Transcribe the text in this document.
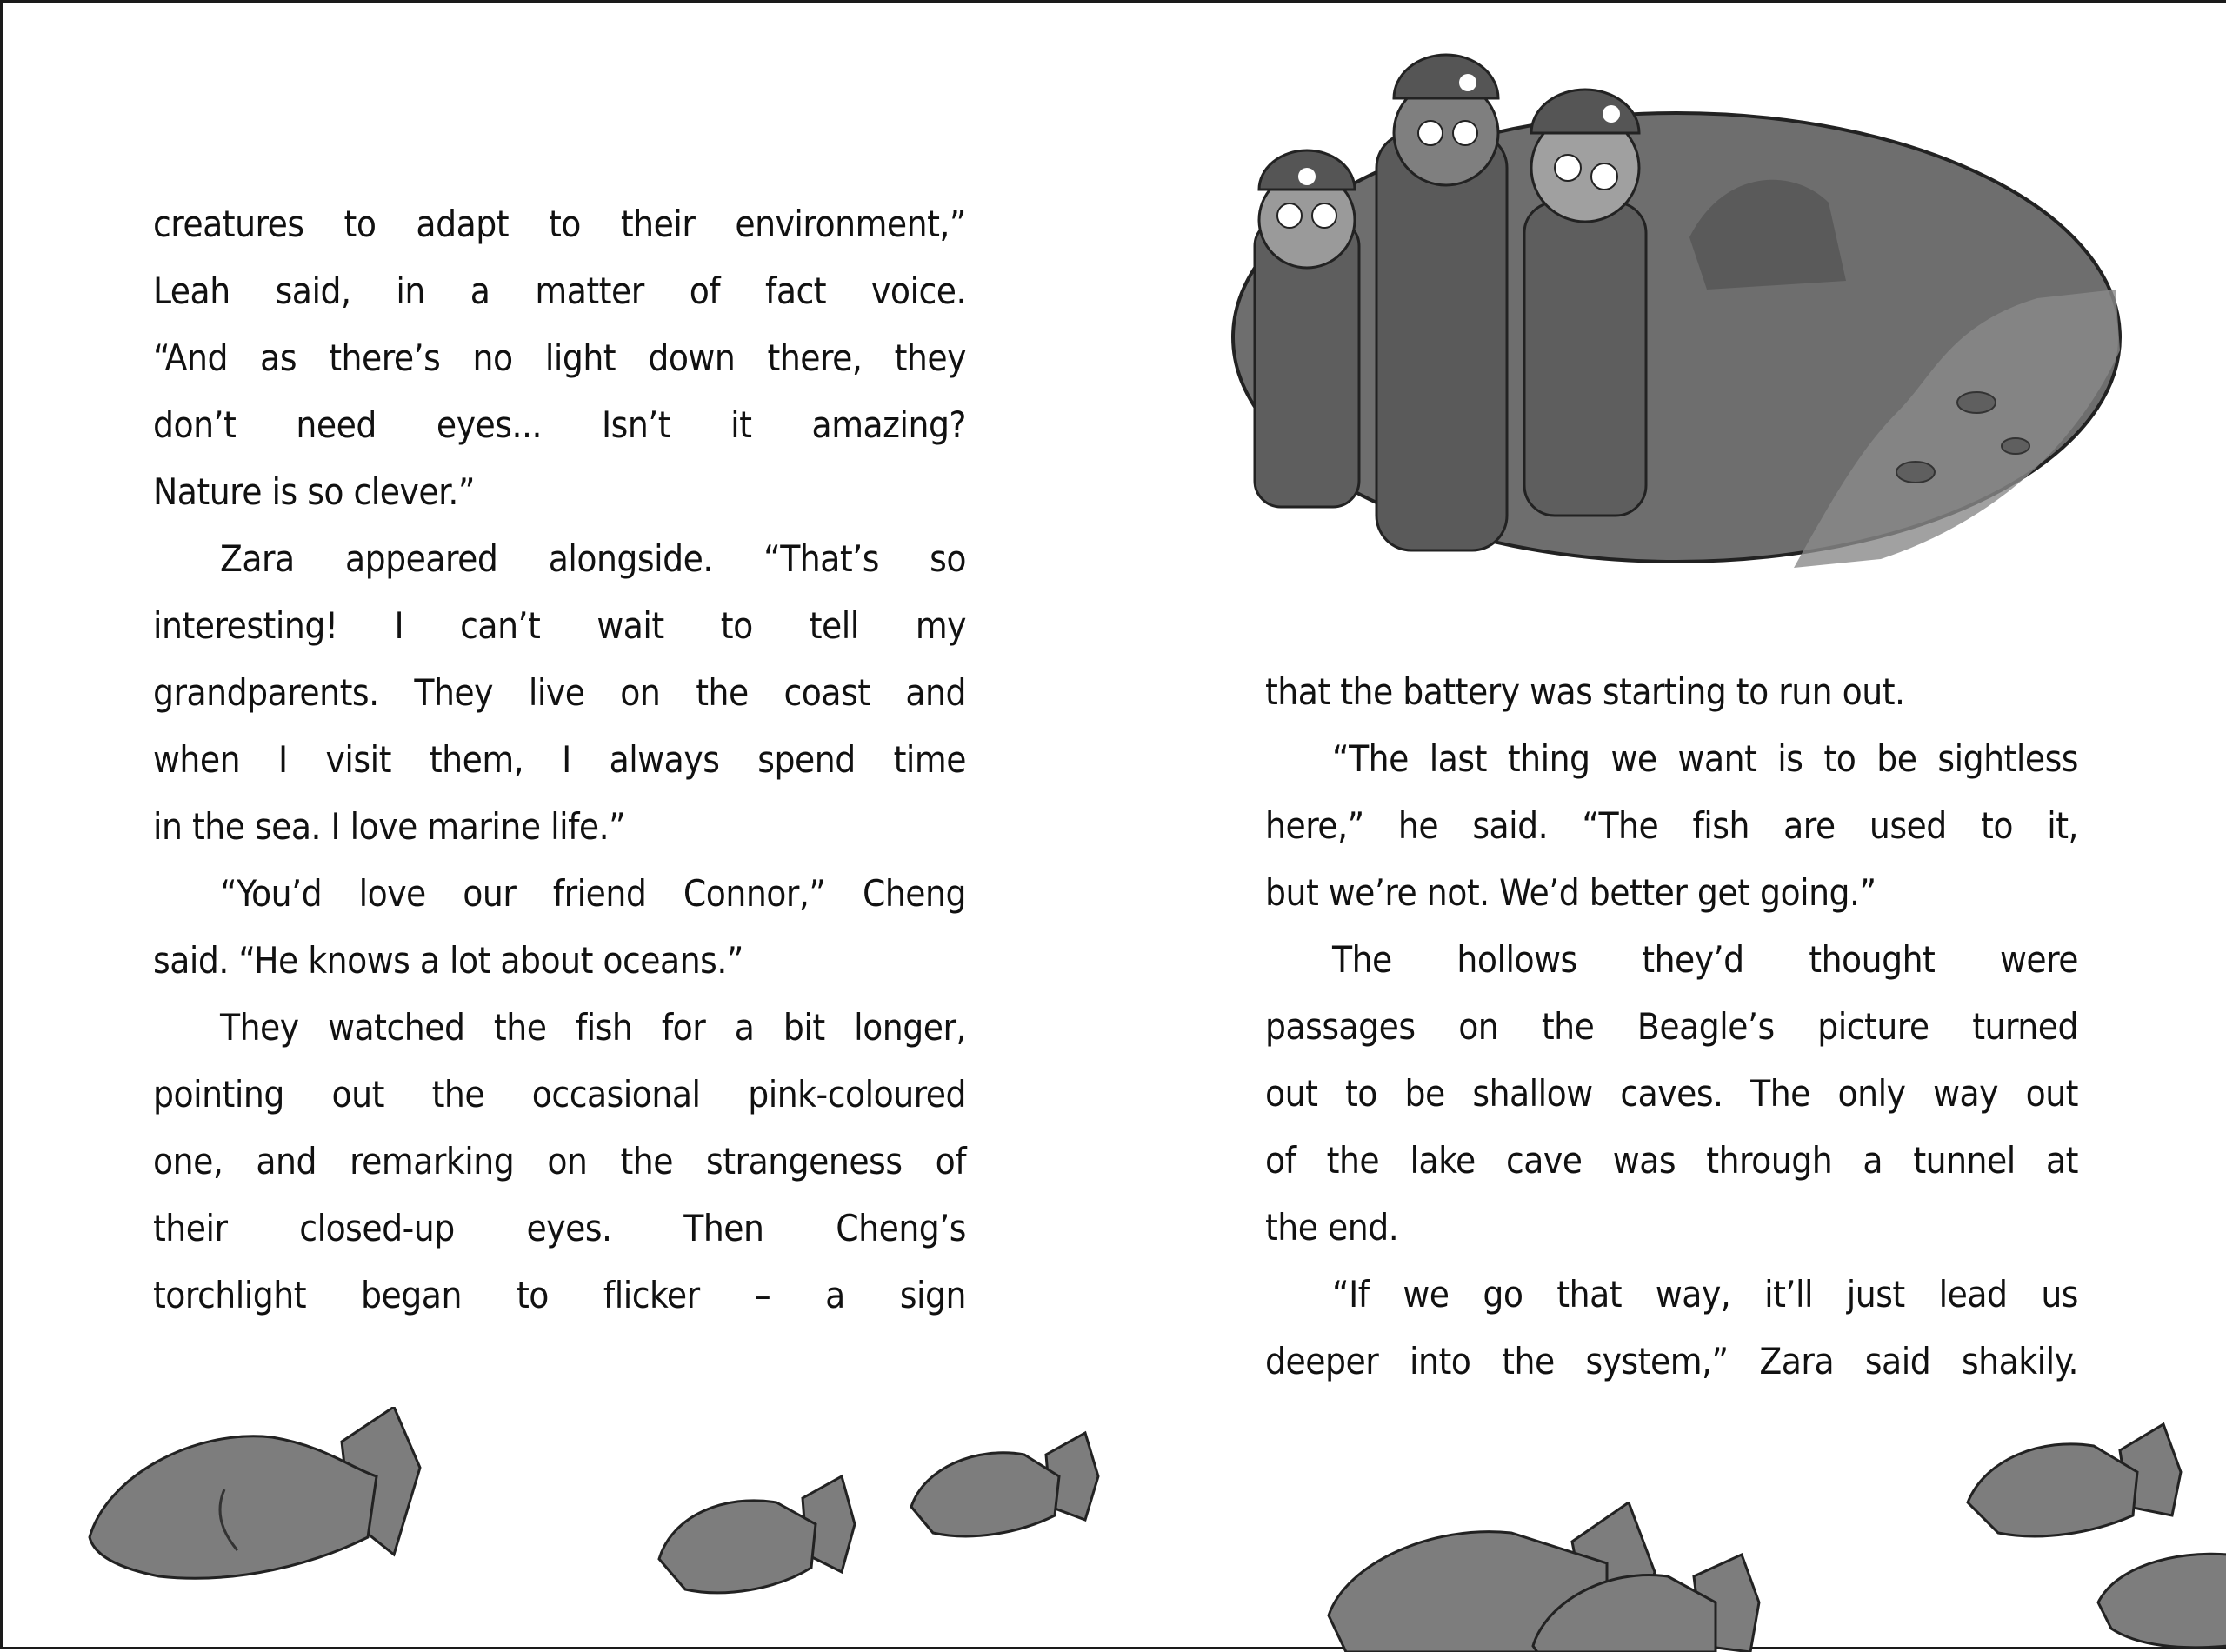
creatures to adapt to their environment,”
Leah said, in a matter of fact voice.
“And as there’s no light down there, they
don’t need eyes... Isn’t it amazing?
Nature is so clever.”
Zara appeared alongside. “That’s so
interesting! I can’t wait to tell my
grandparents. They live on the coast and
when I visit them, I always spend time
in the sea. I love marine life.”
“You’d love our friend Connor,” Cheng
said. “He knows a lot about oceans.”
They watched the fish for a bit longer,
pointing out the occasional pink-coloured
one, and remarking on the strangeness of
their closed-up eyes. Then Cheng’s
torchlight began to flicker – a sign
that the battery was starting to run out.
“The last thing we want is to be sightless
here,” he said. “The fish are used to it,
but we’re not. We’d better get going.”
The hollows they’d thought were
passages on the Beagle’s picture turned
out to be shallow caves. The only way out
of the lake cave was through a tunnel at
the end.
“If we go that way, it’ll just lead us
deeper into the system,” Zara said shakily.
